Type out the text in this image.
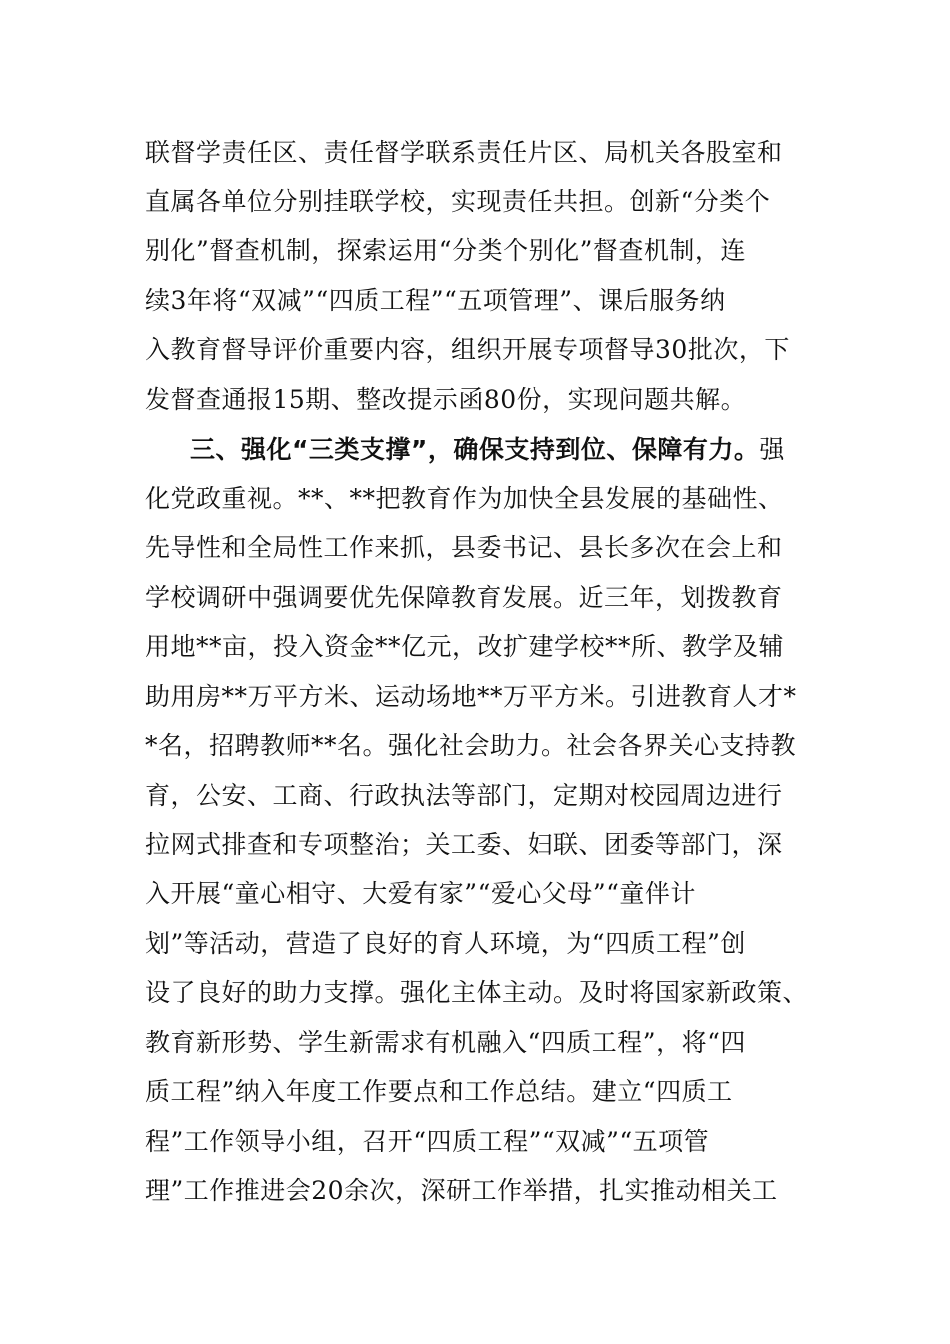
联督学责任区、责任督学联系责任片区、局机关各股室和
直属各单位分别挂联学校，实现责任共担。创新“分类个
别化”督查机制，探索运用“分类个别化”督查机制，连
续3年将“双减”“四质工程”“五项管理”、课后服务纳
入教育督导评价重要内容，组织开展专项督导30批次，下
发督查通报15期、整改提示函80份，实现问题共解。
三、强化“三类支撑”，确保支持到位、保障有力。强
化党政重视。**、**把教育作为加快全县发展的基础性、
先导性和全局性工作来抓，县委书记、县长多次在会上和
学校调研中强调要优先保障教育发展。近三年，划拨教育
用地**亩，投入资金**亿元，改扩建学校**所、教学及辅
助用房**万平方米、运动场地**万平方米。引进教育人才*
*名，招聘教师**名。强化社会助力。社会各界关心支持教
育，公安、工商、行政执法等部门，定期对校园周边进行
拉网式排查和专项整治；关工委、妇联、团委等部门，深
入开展“童心相守、大爱有家”“爱心父母”“童伴计
划”等活动，营造了良好的育人环境，为“四质工程”创
设了良好的助力支撑。强化主体主动。及时将国家新政策、
教育新形势、学生新需求有机融入“四质工程”，将“四
质工程”纳入年度工作要点和工作总结。建立“四质工
程”工作领导小组，召开“四质工程”“双减”“五项管
理”工作推进会20余次，深研工作举措，扎实推动相关工
